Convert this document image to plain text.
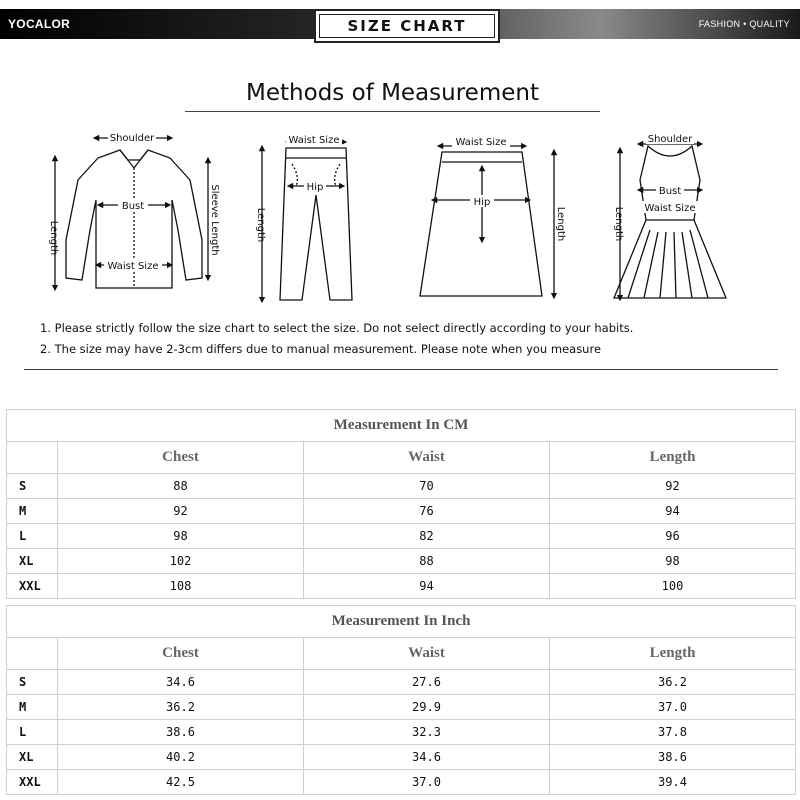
YOCALOR	SIZE CHART	FASHION • QUALITY
Methods of Measurement
Shoulder
Bust
Waist Size
Length	Sleeve Length
Waist Size
Hip
Length
Waist Size
Hip
Length
Shoulder
Bust
Waist Size
Length
1. Please strictly follow the size chart to select the size. Do not select directly according to your habits.
2. The size may have 2-3cm differs due to manual measurement. Please note when you measure
Measurement In CM			
	Chest	Waist	Length
S	88	70	92
M	92	76	94
L	98	82	96
XL	102	88	98
XXL	108	94	100
Measurement In Inch			
	Chest	Waist	Length
S	34.6	27.6	36.2
M	36.2	29.9	37.0
L	38.6	32.3	37.8
XL	40.2	34.6	38.6
XXL	42.5	37.0	39.4
